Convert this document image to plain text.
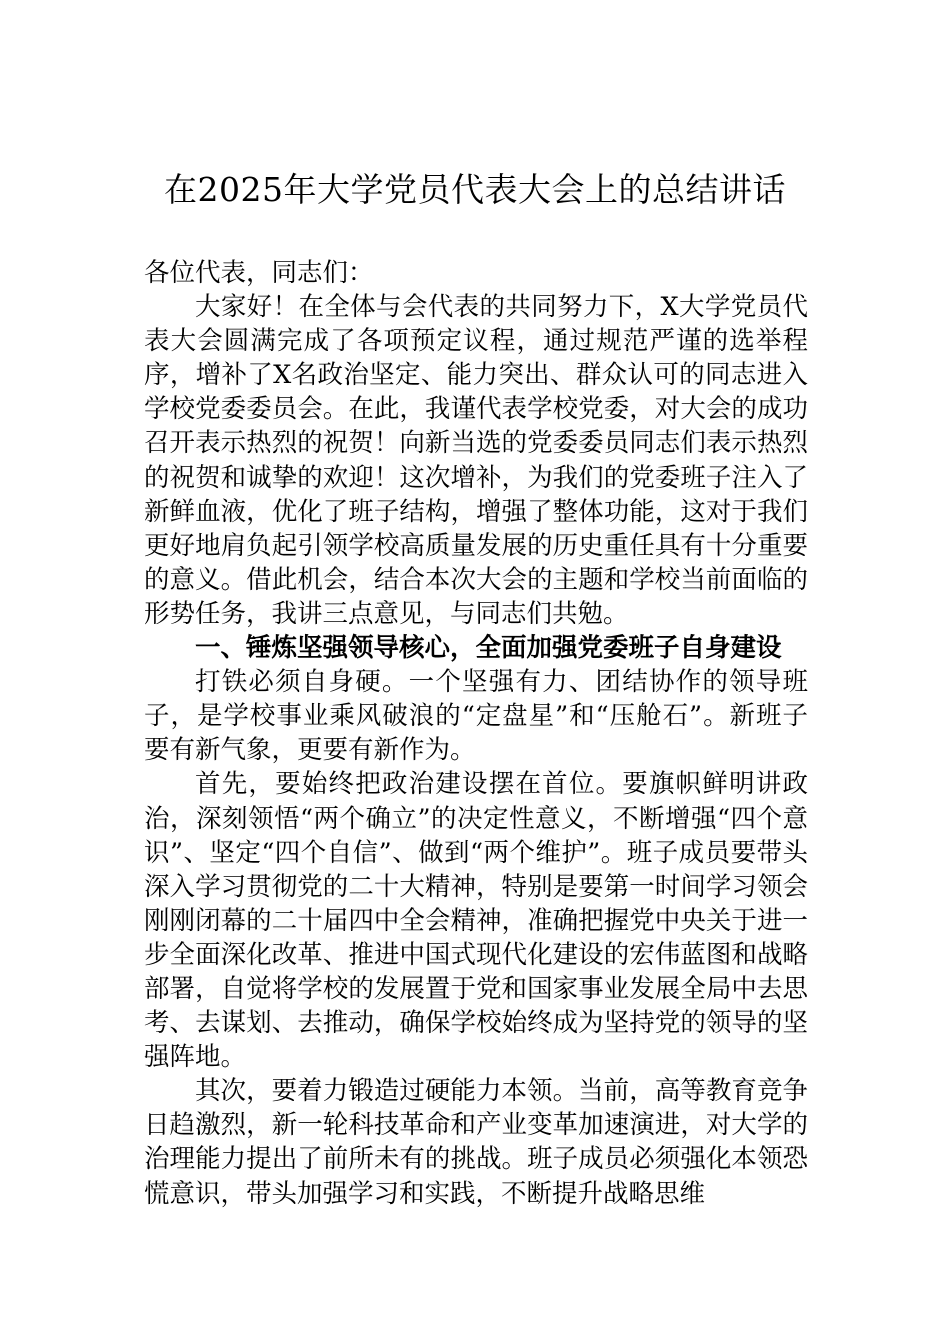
在2025年大学党员代表大会上的总结讲话

各位代表，同志们：

大家好！在全体与会代表的共同努力下，X大学党员代表大会圆满完成了各项预定议程，通过规范严谨的选举程序，增补了X名政治坚定、能力突出、群众认可的同志进入学校党委委员会。在此，我谨代表学校党委，对大会的成功召开表示热烈的祝贺！向新当选的党委委员同志们表示热烈的祝贺和诚挚的欢迎！这次增补，为我们的党委班子注入了新鲜血液，优化了班子结构，增强了整体功能，这对于我们更好地肩负起引领学校高质量发展的历史重任具有十分重要的意义。借此机会，结合本次大会的主题和学校当前面临的形势任务，我讲三点意见，与同志们共勉。

一、锤炼坚强领导核心，全面加强党委班子自身建设

打铁必须自身硬。一个坚强有力、团结协作的领导班子，是学校事业乘风破浪的“定盘星”和“压舱石”。新班子要有新气象，更要有新作为。

首先，要始终把政治建设摆在首位。要旗帜鲜明讲政治，深刻领悟“两个确立”的决定性意义，不断增强“四个意识”、坚定“四个自信”、做到“两个维护”。班子成员要带头深入学习贯彻党的二十大精神，特别是要第一时间学习领会刚刚闭幕的二十届四中全会精神，准确把握党中央关于进一步全面深化改革、推进中国式现代化建设的宏伟蓝图和战略部署，自觉将学校的发展置于党和国家事业发展全局中去思考、去谋划、去推动，确保学校始终成为坚持党的领导的坚强阵地。

其次，要着力锻造过硬能力本领。当前，高等教育竞争日趋激烈，新一轮科技革命和产业变革加速演进，对大学的治理能力提出了前所未有的挑战。班子成员必须强化本领恐慌意识，带头加强学习和实践，不断提升战略思维
